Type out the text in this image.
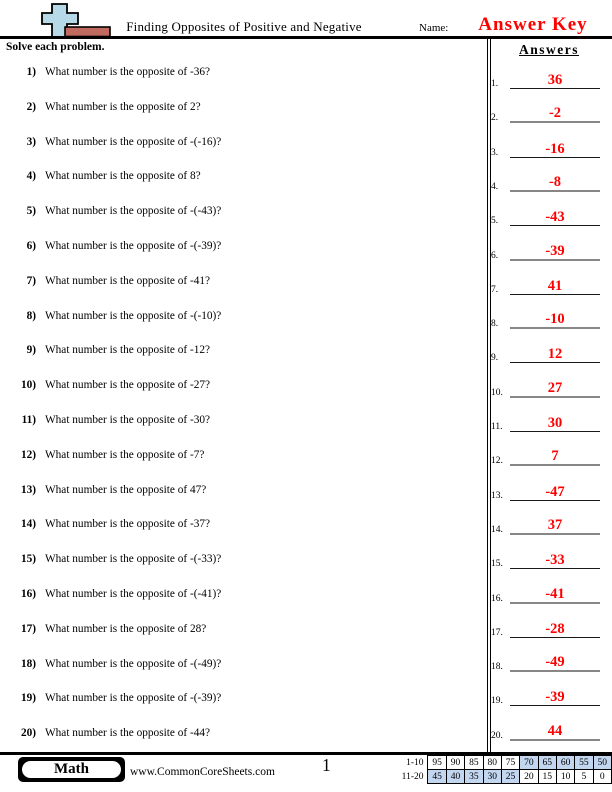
Finding Opposites of Positive and Negative	Name:	Answer Key
Solve each problem.	Answers
1.	36
2.	-2
3.	-16
4.	-8
5.	-43
6.	-39
7.	41
8.	-10
9.	12
10.	27
11.	30
12.	7
13.	-47
14.	37
15.	-33
16.	-41
17.	-28
18.	-49
19.	-39
20.	44
1) What number is the opposite of -36?
2) What number is the opposite of 2?
3) What number is the opposite of -(-16)?
4) What number is the opposite of 8?
5) What number is the opposite of -(-43)?
6) What number is the opposite of -(-39)?
7) What number is the opposite of -41?
8) What number is the opposite of -(-10)?
9) What number is the opposite of -12?
10) What number is the opposite of -27?
11) What number is the opposite of -30?
12) What number is the opposite of -7?
13) What number is the opposite of 47?
14) What number is the opposite of -37?
15) What number is the opposite of -(-33)?
16) What number is the opposite of -(-41)?
17) What number is the opposite of 28?
18) What number is the opposite of -(-49)?
19) What number is the opposite of -(-39)?
20) What number is the opposite of -44?
Math	www.CommonCoreSheets.com	1	1-10	95	90	85	80	75	70	65	60	55	50
11-20	45	40	35	30	25	20	15	10	5	0
